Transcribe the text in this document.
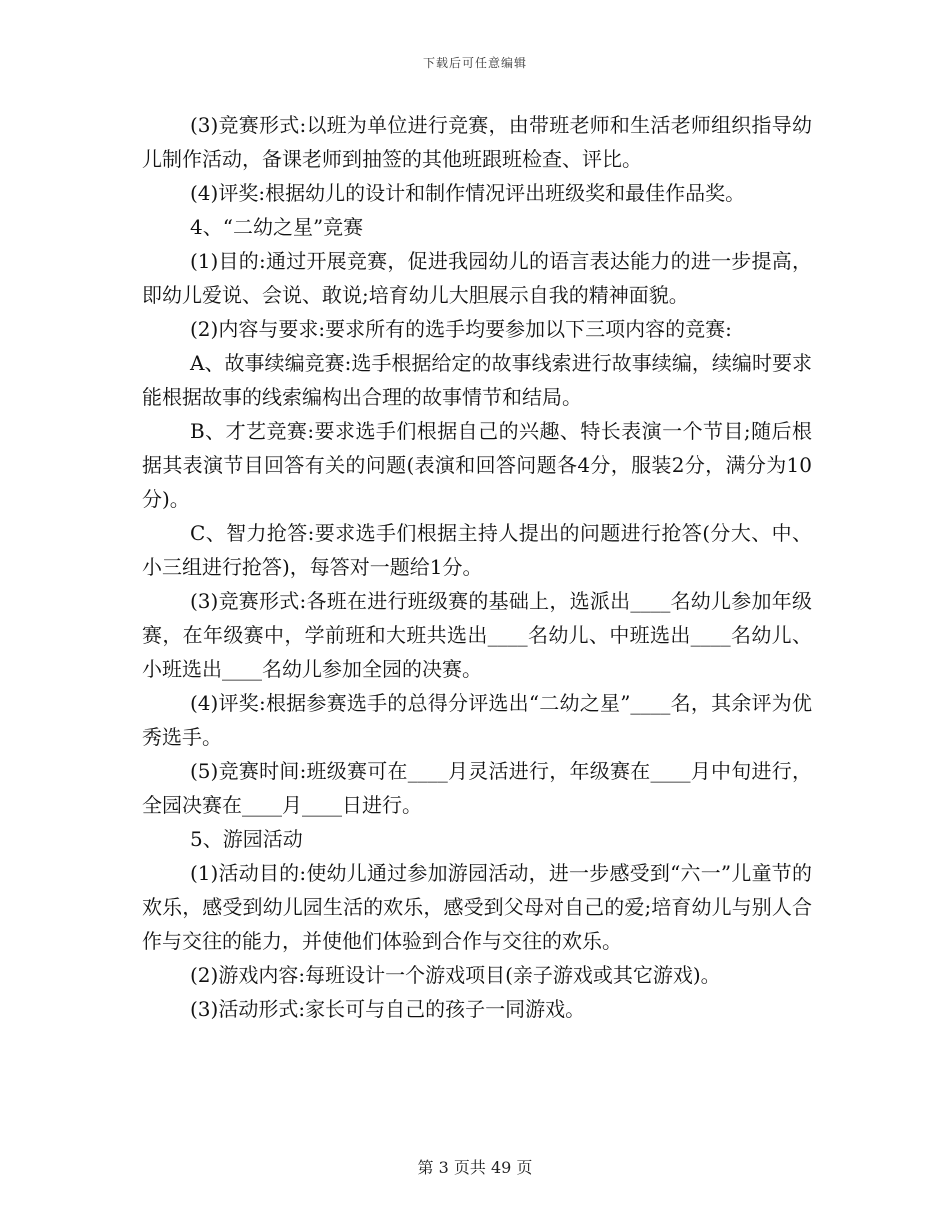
下载后可任意编辑

(3)竞赛形式:以班为单位进行竞赛，由带班老师和生活老师组织指导幼儿制作活动，备课老师到抽签的其他班跟班检查、评比。

(4)评奖:根据幼儿的设计和制作情况评出班级奖和最佳作品奖。

4、“二幼之星”竞赛

(1)目的:通过开展竞赛，促进我园幼儿的语言表达能力的进一步提高，即幼儿爱说、会说、敢说;培育幼儿大胆展示自我的精神面貌。

(2)内容与要求:要求所有的选手均要参加以下三项内容的竞赛:

A、故事续编竞赛:选手根据给定的故事线索进行故事续编，续编时要求能根据故事的线索编构出合理的故事情节和结局。

B、才艺竞赛:要求选手们根据自己的兴趣、特长表演一个节目;随后根据其表演节目回答有关的问题(表演和回答问题各4分，服装2分，满分为10分)。

C、智力抢答:要求选手们根据主持人提出的问题进行抢答(分大、中、小三组进行抢答)，每答对一题给1分。

(3)竞赛形式:各班在进行班级赛的基础上，选派出____名幼儿参加年级赛，在年级赛中，学前班和大班共选出____名幼儿、中班选出____名幼儿、小班选出____名幼儿参加全园的决赛。

(4)评奖:根据参赛选手的总得分评选出“二幼之星”____名，其余评为优秀选手。

(5)竞赛时间:班级赛可在____月灵活进行，年级赛在____月中旬进行，全园决赛在____月____日进行。

5、游园活动

(1)活动目的:使幼儿通过参加游园活动，进一步感受到“六一”儿童节的欢乐，感受到幼儿园生活的欢乐，感受到父母对自己的爱;培育幼儿与别人合作与交往的能力，并使他们体验到合作与交往的欢乐。

(2)游戏内容:每班设计一个游戏项目(亲子游戏或其它游戏)。

(3)活动形式:家长可与自己的孩子一同游戏。

第 3 页共 49 页
